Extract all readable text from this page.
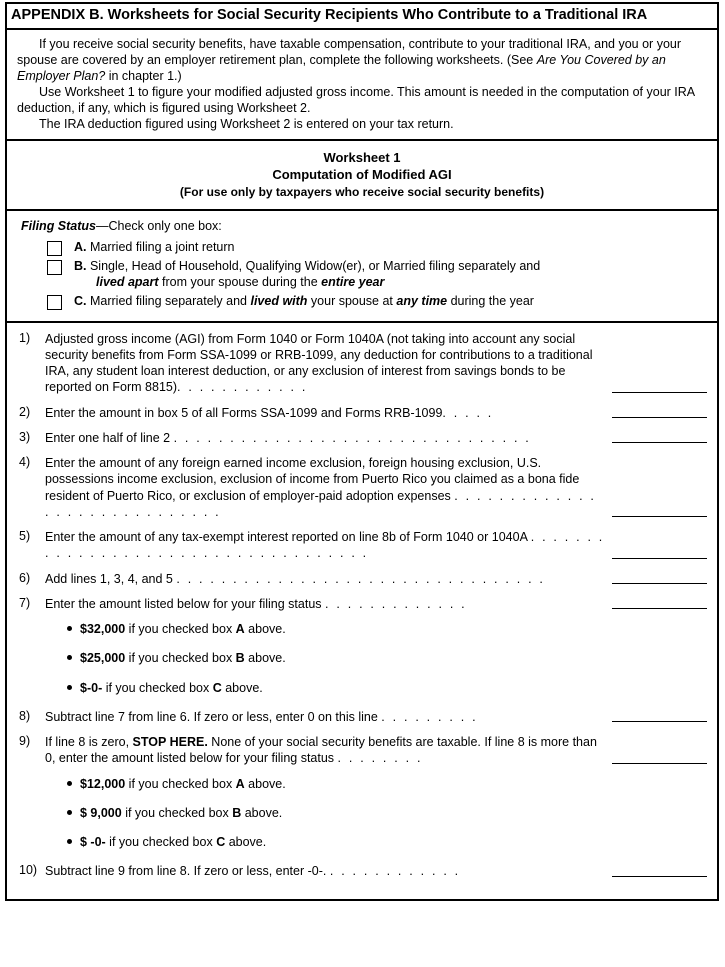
APPENDIX B. Worksheets for Social Security Recipients Who Contribute to a Traditional IRA

If you receive social security benefits, have taxable compensation, contribute to your traditional IRA, and you or your spouse are covered by an employer retirement plan, complete the following worksheets. (See Are You Covered by an Employer Plan? in chapter 1.)

Use Worksheet 1 to figure your modified adjusted gross income. This amount is needed in the computation of your IRA deduction, if any, which is figured using Worksheet 2.

The IRA deduction figured using Worksheet 2 is entered on your tax return.

Worksheet 1
Computation of Modified AGI
(For use only by taxpayers who receive social security benefits)
Filing Status—Check only one box:
A. Married filing a joint return
B. Single, Head of Household, Qualifying Widow(er), or Married filing separately and
lived apart from your spouse during the entire year
C. Married filing separately and lived with your spouse at any time during the year
1)	Adjusted gross income (AGI) from Form 1040 or Form 1040A (not taking into account any social security benefits from Form SSA-1099 or RRB-1099, any deduction for contributions to a traditional IRA, any student loan interest deduction, or any exclusion of interest from savings bonds to be reported on Form 8815). . . . . . . . . . . .
2)	Enter the amount in box 5 of all Forms SSA-1099 and Forms RRB-1099. . . . .
3)	Enter one half of line 2 . . . . . . . . . . . . . . . . . . . . . . . . . . . . . . . .
4)	Enter the amount of any foreign earned income exclusion, foreign housing exclusion, U.S. possessions income exclusion, exclusion of income from Puerto Rico you claimed as a bona fide resident of Puerto Rico, or exclusion of employer-paid adoption expenses . . . . . . . . . . . . . . . . . . . . . . . . . . . . .
5)	Enter the amount of any tax-exempt interest reported on line 8b of Form 1040 or 1040A . . . . . . . . . . . . . . . . . . . . . . . . . . . . . . . . . . . .
6)	Add lines 1, 3, 4, and 5 . . . . . . . . . . . . . . . . . . . . . . . . . . . . . . . . .
7)	Enter the amount listed below for your filing status . . . . . . . . . . . . .
$32,000 if you checked box A above.
$25,000 if you checked box B above.
$-0- if you checked box C above.
8)	Subtract line 7 from line 6. If zero or less, enter 0 on this line . . . . . . . . .
9)	If line 8 is zero, STOP HERE. None of your social security benefits are taxable. If line 8 is more than 0, enter the amount listed below for your filing status . . . . . . . .
$12,000 if you checked box A above.
$ 9,000 if you checked box B above.
$ -0- if you checked box C above.
10) Subtract line 9 from line 8. If zero or less, enter -0-. . . . . . . . . . . . .
